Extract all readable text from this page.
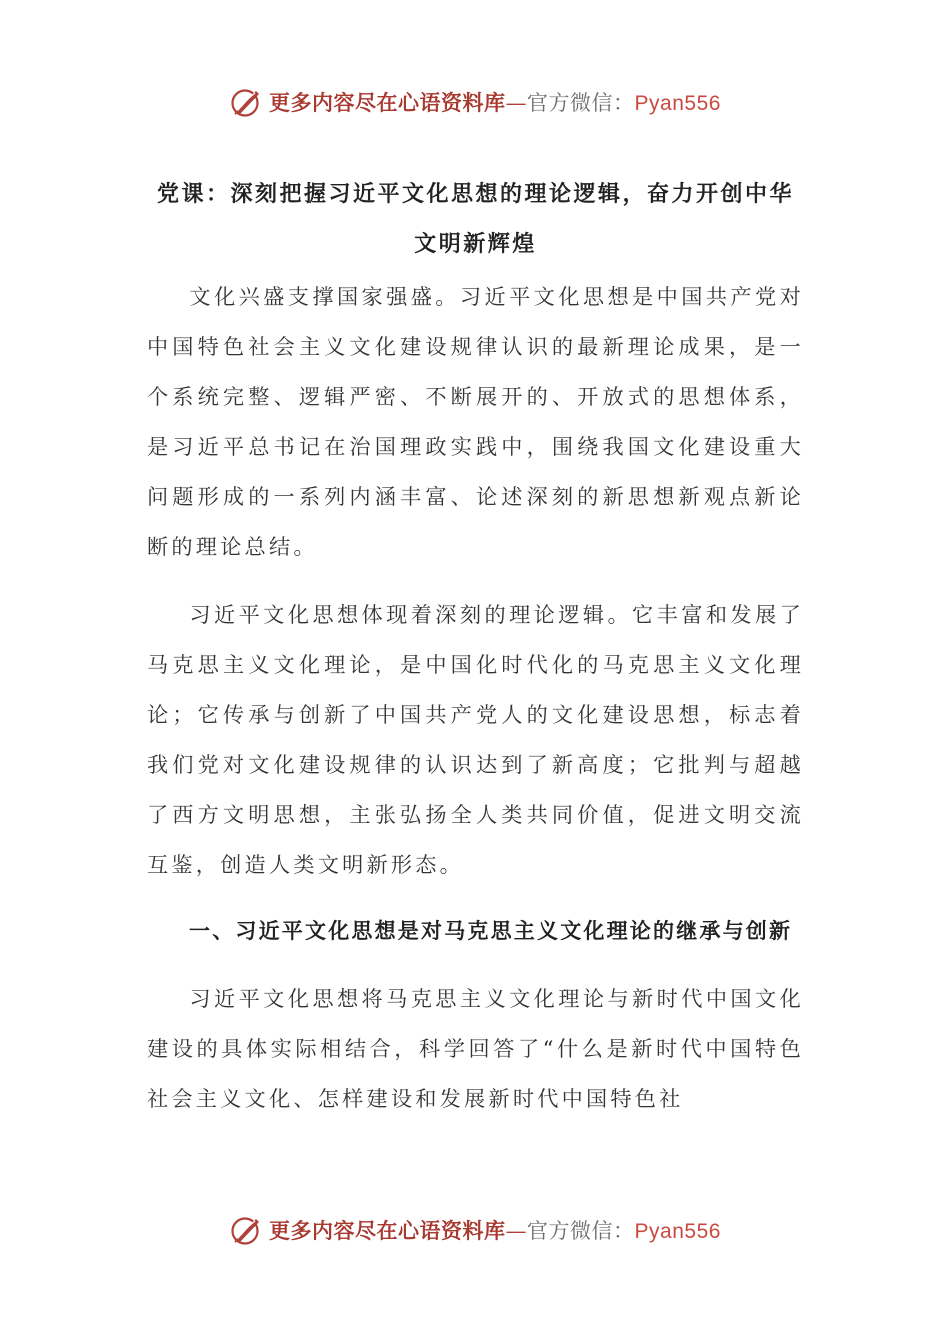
更多内容尽在心语资料库—官方微信：Pyan556
党课：深刻把握习近平文化思想的理论逻辑，奋力开创中华文明新辉煌

文化兴盛支撑国家强盛。习近平文化思想是中国共产党对中国特色社会主义文化建设规律认识的最新理论成果，是一个系统完整、逻辑严密、不断展开的、开放式的思想体系，是习近平总书记在治国理政实践中，围绕我国文化建设重大问题形成的一系列内涵丰富、论述深刻的新思想新观点新论断的理论总结。

习近平文化思想体现着深刻的理论逻辑。它丰富和发展了马克思主义文化理论，是中国化时代化的马克思主义文化理论；它传承与创新了中国共产党人的文化建设思想，标志着我们党对文化建设规律的认识达到了新高度；它批判与超越了西方文明思想，主张弘扬全人类共同价值，促进文明交流互鉴，创造人类文明新形态。

一、习近平文化思想是对马克思主义文化理论的继承与创新

习近平文化思想将马克思主义文化理论与新时代中国文化建设的具体实际相结合，科学回答了“什么是新时代中国特色社会主义文化、怎样建设和发展新时代中国特色社

更多内容尽在心语资料库—官方微信：Pyan556
